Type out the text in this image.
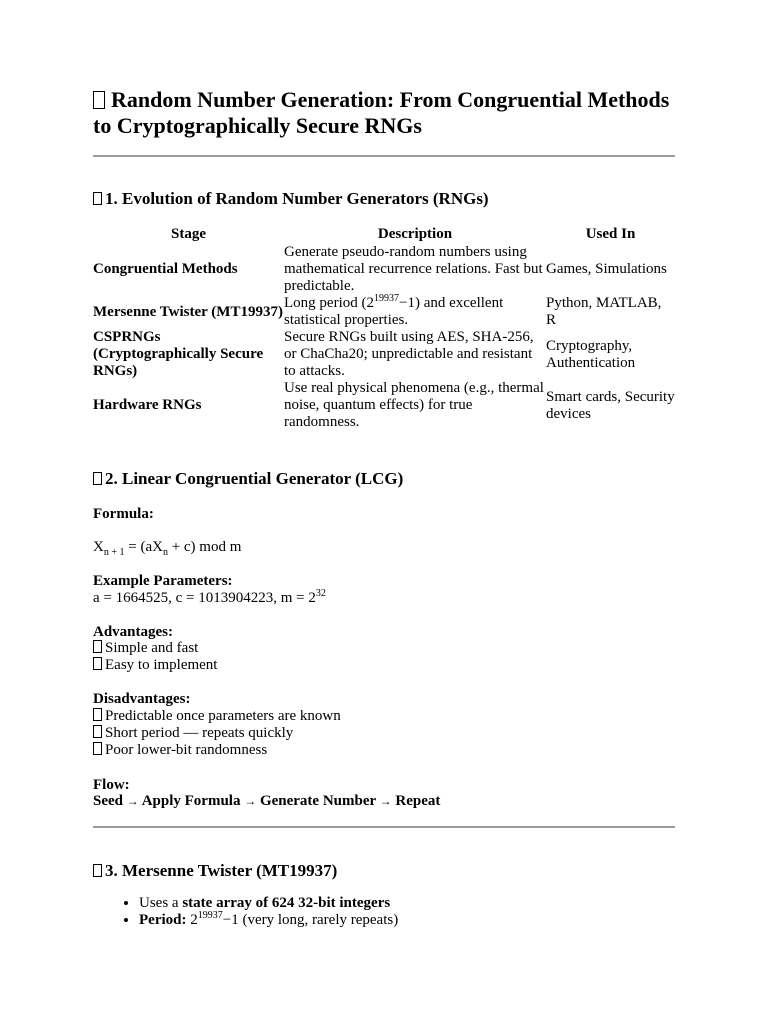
Random Number Generation: From Congruential Methods to Cryptographically Secure RNGs
1. Evolution of Random Number Generators (RNGs)
Stage	Description	Used In
Congruential Methods	Generate pseudo-random numbers using mathematical recurrence relations. Fast but predictable.	Games, Simulations
Mersenne Twister (MT19937)	Long period $(2^{19937}-1)$ and excellent statistical properties.	Python, MATLAB, R
CSPRNGs (Cryptographically Secure RNGs)	Secure RNGs built using AES, SHA-256, or ChaCha20; unpredictable and resistant to attacks.	Cryptography, Authentication
Hardware RNGs	Use real physical phenomena (e.g., thermal noise, quantum effects) for true randomness.	Smart cards, Security devices
2. Linear Congruential Generator (LCG)
Formula:
$X_{n + 1} = (aX_n + c)$ mod m
Example Parameters:
a = 1664525, c = 1013904223, $m = 2^{32}$
Advantages:
Simple and fast
Easy to implement
Disadvantages:
Predictable once parameters are known
Short period — repeats quickly
Poor lower-bit randomness
Flow:
Seed → Apply Formula → Generate Number → Repeat
3. Mersenne Twister (MT19937)
• Uses a state array of 624 32-bit integers
• Period: $2^{19937}-1$ (very long, rarely repeats)
